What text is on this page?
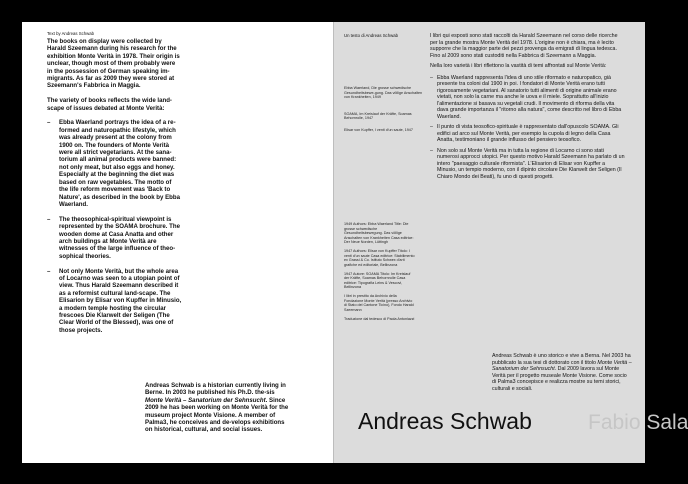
Text by Andreas Schwab

The books on display were collected by Harald Szeemann during his research for the exhibition Monte Verità in 1978. Their origin is unclear, though most of them probably were in the possession of German speaking im-migrants. As far as 2009 they were stored at Szeemann's Fabbrica in Maggia.

The variety of books reflects the wide land-scape of issues debated at Monte Verità:

– Ebba Waerland portrays the idea of a re-formed and naturopathic lifestyle, which was already present at the colony from 1900 on. The founders of Monte Verità were all strict vegetarians. At the sana-torium all animal products were banned: not only meat, but also eggs and honey. Especially at the beginning the diet was based on raw vegetables. The motto of the life reform movement was 'Back to Nature', as described in the book by Ebba Waerland.
– The theosophical-spiritual viewpoint is represented by the SOAMA brochure. The wooden dome at Casa Anatta and other arch buildings at Monte Verità are witnesses of the large influence of theo-sophical theories.
– Not only Monte Verità, but the whole area of Locarno was seen to a utopian point of view. Thus Harald Szeemann described it as a reformist cultural land-scape. The Elisarion by Elisar von Kupffer in Minusio, a modern temple hosting the circular frescoes Die Klarwelt der Seligen (The Clear World of the Blessed), was one of those projects.
Andreas Schwab is a historian currently living in Berne. In 2003 he published his Ph.D. the-sis Monte Verità – Sanatorium der Sehnsucht. Since 2009 he has been working on Monte Verità for the museum project Monte Visione. A member of Palma3, he conceives and de-velops exhibitions on historical, cultural, and social issues.
Un testo di Andreas Schwab	I libri qui esposti sono stati raccolti da Harald Szeemann nel corso delle ricerche per la grande mostra Monte Verità del 1978. L'origine non è chiara, ma è lecito supporre che la maggior parte dei pezzi provenga da emigrati di lingua tedesca. Fino al 2009 sono stati custoditi nella Fabbrica di Szeemann a Maggia.

Nella loro varietà i libri riflettono la vastità di temi affrontati sul Monte Verità:

– Ebba Waerland rappresenta l'idea di uno stile riformato e naturopatico, già presente tra coloni dal 1900 in poi. I fondatori di Monte Verità erano tutti rigorosamente vegetariani. Al sanatorio tutti alimenti di origine animale erano vietati, non solo la carne ma anche le uova e il miele. Soprattutto all'inizio l'alimentazione si basava su vegetali crudi. Il movimento di riforma della vita dava grande importanza il "ritorno alla natura", come descritto nel libro di Ebba Waerland.
– Il punto di vista teosofico-spirituale è rappresentato dall'opuscolo SOAMA. Gli edifici ad arco sul Monte Verità, per esempio la cupola di legno della Casa Anatta, testimoniano il grande influsso del pensiero teosofico.
– Non solo sul Monte Verità ma in tutta la regione di Locarno ci sono stati numerosi approcci utopici. Per questo motivo Harald Szeemann ha parlato di un intero "paesaggio culturale riformista". L'Elisarion di Elisar von Kupffer a Minusio, un tempio moderno, con il dipinto circolare Die Klarwelt der Seligen (Il Chiaro Mondo dei Beati), fu uno di questi progetti.

Ebba Waerland, Die grosse schwedische Gesundheitsbewe-gung. Das völlige Anschalten von Krankheiten, 1949

SOAMA, Im Kreislauf der Kräfte, Soamas Behornrolle, 1947

Elisar von Kupffer, I venti d'un saute, 1947

1949 Authors: Ebba Waerland Title: Die grosse schwedische Gesundheitsbewegung. Das völlige Anschalten von Krankheiten Casa editrice: Der Neue Norden, Lüttingh

1947 Authors: Elisar von Kupffer Titolo: I venti d'un saute Casa editrice: Stabilimento ex Grassi & Co. Istituto Schwex d'arti grafiche ed editoriale, Bellinzona

1947 Autore: SOAMA Titolo: Im Kreislauf der Kräfte, Soamas Behornrolle Casa editrice: Tipografia Leins & Vescovi, Bellinzona

I libri in prestito da Archivio della Fondazione Monte Verità (presso Archivio di Stato del Cantone Ticino), Fondo Harald Szeemann

Traduzione dal tedesco di Paola Antoniazzi

Andreas Schwab è uno storico e vive a Berna. Nel 2003 ha pubblicato la sua tesi di dottorato con il titolo Monte Verità – Sanatorium der Sehnsucht. Dal 2009 lavora sul Monte Verità per il progetto museale Monte Visione. Come socio di Palma3 concepisce e realizza mostre su temi storici, culturali e sociali.
Fabio Sala
Andreas Schwab
